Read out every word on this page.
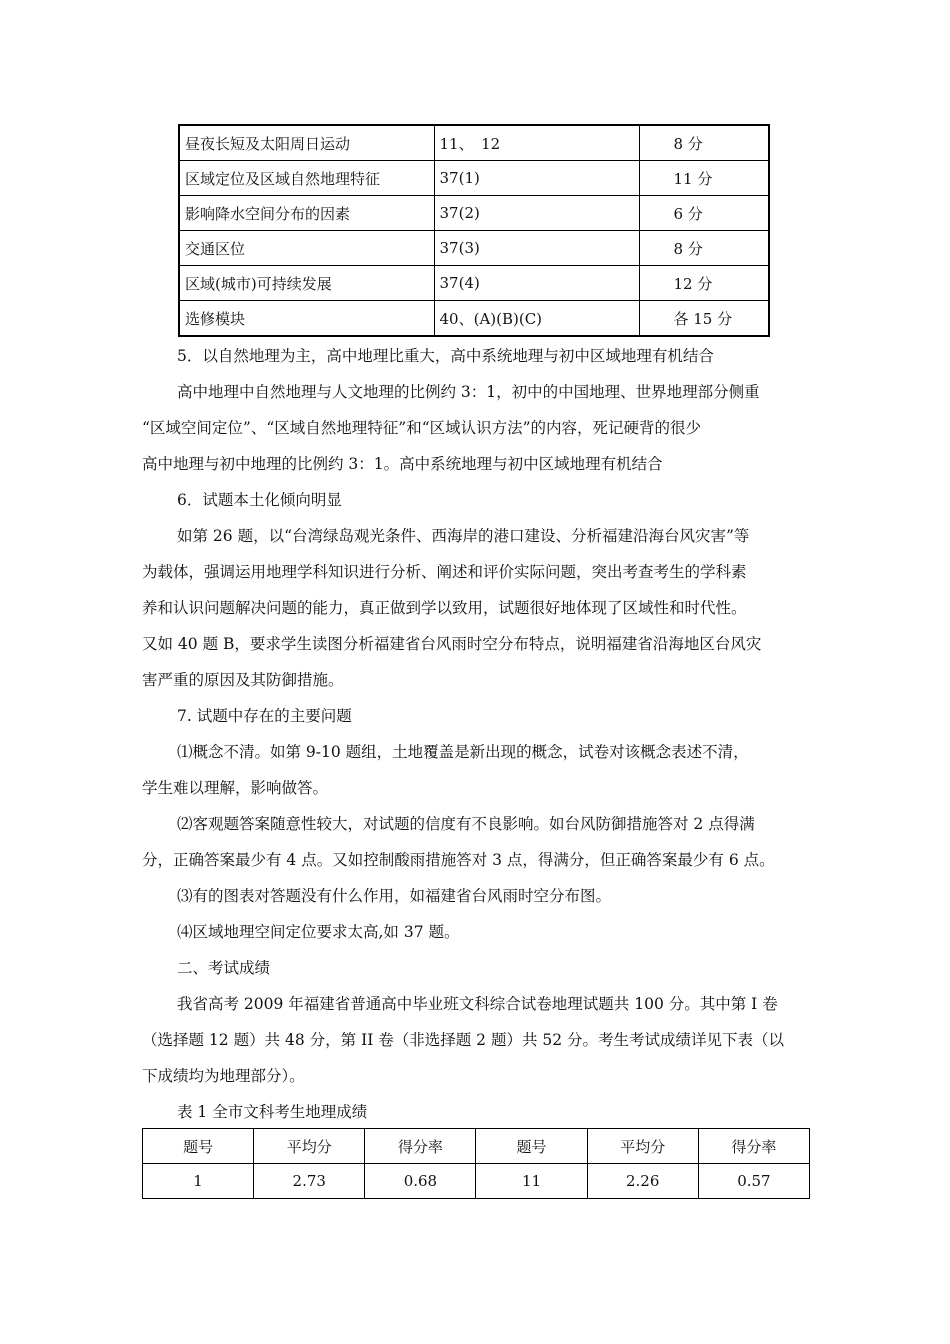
昼夜长短及太阳周日运动	11、　12	8 分
区域定位及区域自然地理特征	37(1)	11 分
影响降水空间分布的因素	37(2)	6 分
交通区位	37(3)	8 分
区域(城市)可持续发展	37(4)	12 分
选修模块	40、(A)(B)(C)	各 15 分
5．以自然地理为主，高中地理比重大，高中系统地理与初中区域地理有机结合
高中地理中自然地理与人文地理的比例约 3：1，初中的中国地理、世界地理部分侧重
“区域空间定位”、“区域自然地理特征”和“区域认识方法”的内容，死记硬背的很少
高中地理与初中地理的比例约 3：1。高中系统地理与初中区域地理有机结合
6．试题本土化倾向明显
如第 26 题，以“台湾绿岛观光条件、西海岸的港口建设、分析福建沿海台风灾害”等
为载体，强调运用地理学科知识进行分析、阐述和评价实际问题，突出考查考生的学科素
养和认识问题解决问题的能力，真正做到学以致用，试题很好地体现了区域性和时代性。
又如 40 题 B，要求学生读图分析福建省台风雨时空分布特点，说明福建省沿海地区台风灾
害严重的原因及其防御措施。
7. 试题中存在的主要问题
⑴概念不清。如第 9-10 题组，土地覆盖是新出现的概念，试卷对该概念表述不清，
学生难以理解，影响做答。
⑵客观题答案随意性较大，对试题的信度有不良影响。如台风防御措施答对 2 点得满
分，正确答案最少有 4 点。又如控制酸雨措施答对 3 点，得满分，但正确答案最少有 6 点。
⑶有的图表对答题没有什么作用，如福建省台风雨时空分布图。
⑷区域地理空间定位要求太高,如 37 题。
二、考试成绩
我省高考 2009 年福建省普通高中毕业班文科综合试卷地理试题共 100 分。其中第 I 卷
（选择题 12 题）共 48 分，第 II 卷（非选择题 2 题）共 52 分。考生考试成绩详见下表（以
下成绩均为地理部分）。
表 1 全市文科考生地理成绩
题号	平均分	得分率	题号	平均分	得分率
1	2.73	0.68	11	2.26	0.57
